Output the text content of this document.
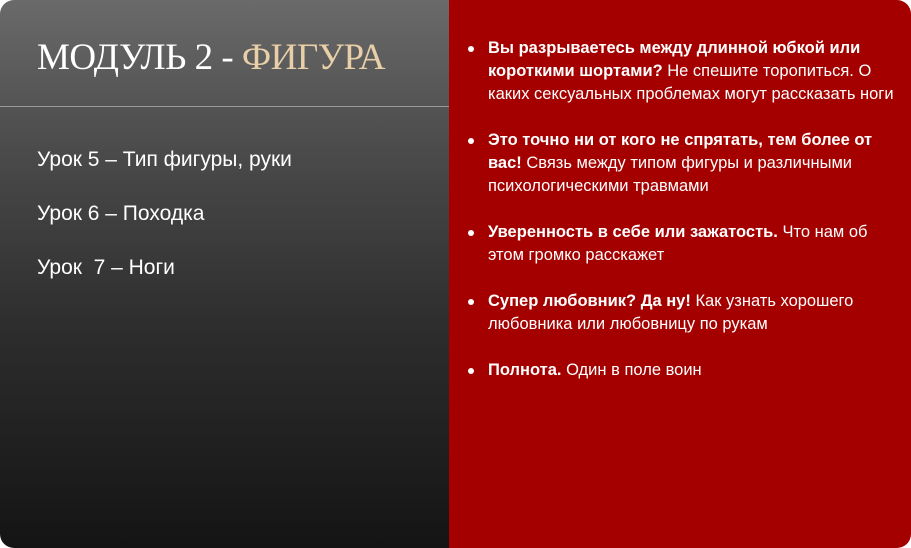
МОДУЛЬ 2 - ФИГУРА
Урок 5 – Тип фигуры, руки
Урок 6 – Походка
Урок  7 – Ноги
Вы разрываетесь между длинной юбкой или короткими шортами? Не спешите торопиться. О каких сексуальных проблемах могут рассказать ноги
Это точно ни от кого не спрятать, тем более от вас! Связь между типом фигуры и различными психологическими травмами
Уверенность в себе или зажатость. Что нам об этом громко расскажет
Супер любовник? Да ну! Как узнать хорошего любовника или любовницу по рукам
Полнота. Один в поле воин
